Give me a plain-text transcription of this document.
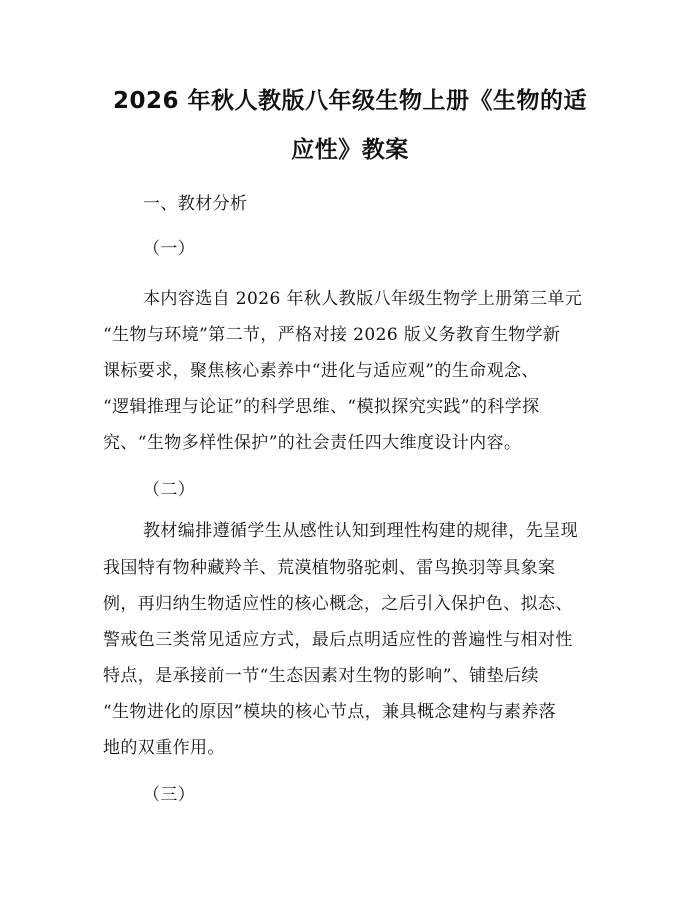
2026 年秋人教版八年级生物上册《生物的适
应性》教案
一、教材分析
（一）
本内容选自 2026 年秋人教版八年级生物学上册第三单元
“生物与环境”第二节，严格对接 2026 版义务教育生物学新
课标要求，聚焦核心素养中“进化与适应观”的生命观念、
“逻辑推理与论证”的科学思维、“模拟探究实践”的科学探
究、“生物多样性保护”的社会责任四大维度设计内容。
（二）
教材编排遵循学生从感性认知到理性构建的规律，先呈现
我国特有物种藏羚羊、荒漠植物骆驼刺、雷鸟换羽等具象案
例，再归纳生物适应性的核心概念，之后引入保护色、拟态、
警戒色三类常见适应方式，最后点明适应性的普遍性与相对性
特点，是承接前一节“生态因素对生物的影响”、铺垫后续
“生物进化的原因”模块的核心节点，兼具概念建构与素养落
地的双重作用。
（三）
